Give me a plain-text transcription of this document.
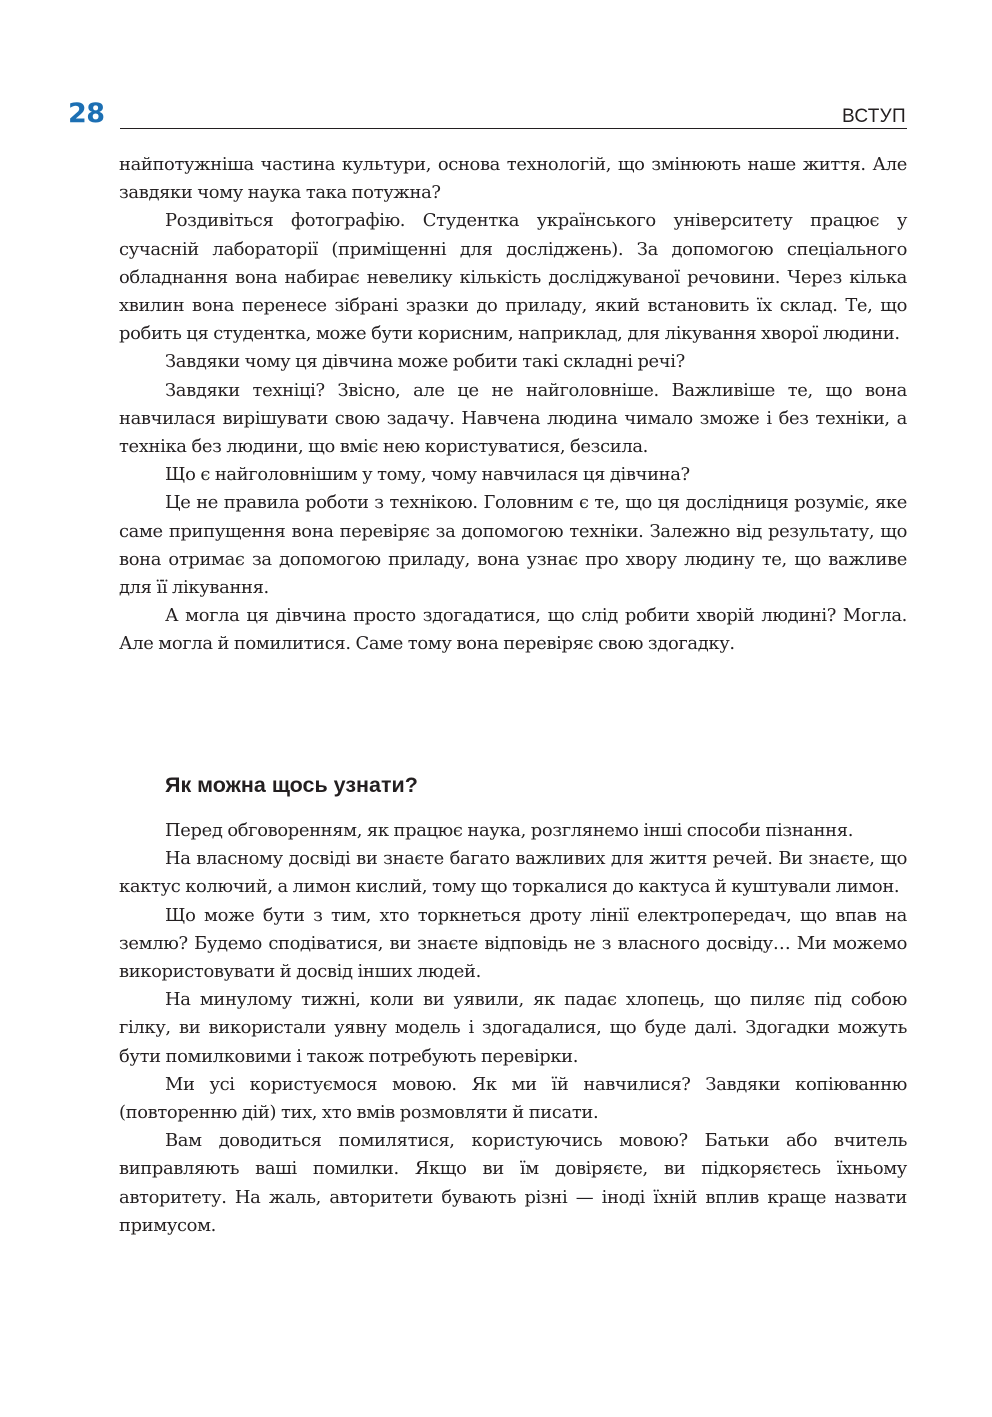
28	ВСТУП

найпотужніша частина культури, основа технологій, що змінюють наше життя. Але завдяки чому наука така потужна?

Роздивіться фотографію. Студентка українського університету працює у сучасній лабораторії (приміщенні для досліджень). За допомогою спеціального обладнання вона набирає невелику кількість досліджуваної речовини. Через кілька хвилин вона перенесе зібрані зразки до приладу, який встановить їх склад. Те, що робить ця студентка, може бути корисним, наприклад, для лікування хворої людини.

Завдяки чому ця дівчина може робити такі складні речі?

Завдяки техніці? Звісно, але це не найголовніше. Важливіше те, що вона навчилася вирішувати свою задачу. Навчена людина чимало зможе і без техніки, а техніка без людини, що вміє нею користуватися, безсила.

Що є найголовнішим у тому, чому навчилася ця дівчина?

Це не правила роботи з технікою. Головним є те, що ця дослідниця розуміє, яке саме припущення вона перевіряє за допомогою техніки. Залежно від результату, що вона отримає за допомогою приладу, вона узнає про хвору людину те, що важливе для її лікування.

А могла ця дівчина просто здогадатися, що слід робити хворій людині? Могла. Але могла й помилитися. Саме тому вона перевіряє свою здогадку.

Як можна щось узнати?

Перед обговоренням, як працює наука, розглянемо інші способи пізнання.

На власному досвіді ви знаєте багато важливих для життя речей. Ви знаєте, що кактус колючий, а лимон кислий, тому що торкалися до кактуса й куштували лимон.

Що може бути з тим, хто торкнеться дроту лінії електропередач, що впав на землю? Будемо сподіватися, ви знаєте відповідь не з власного досвіду… Ми можемо використовувати й досвід інших людей.

На минулому тижні, коли ви уявили, як падає хлопець, що пиляє під собою гілку, ви використали уявну модель і здогадалися, що буде далі. Здогадки можуть бути помилковими і також потребують перевірки.

Ми усі користуємося мовою. Як ми їй навчилися? Завдяки копіюванню (повторенню дій) тих, хто вмів розмовляти й писати.

Вам доводиться помилятися, користуючись мовою? Батьки або вчитель виправляють ваші помилки. Якщо ви їм довіряєте, ви підкоряєтесь їхньому авторитету. На жаль, авторитети бувають різні — іноді їхній вплив краще назвати примусом.
